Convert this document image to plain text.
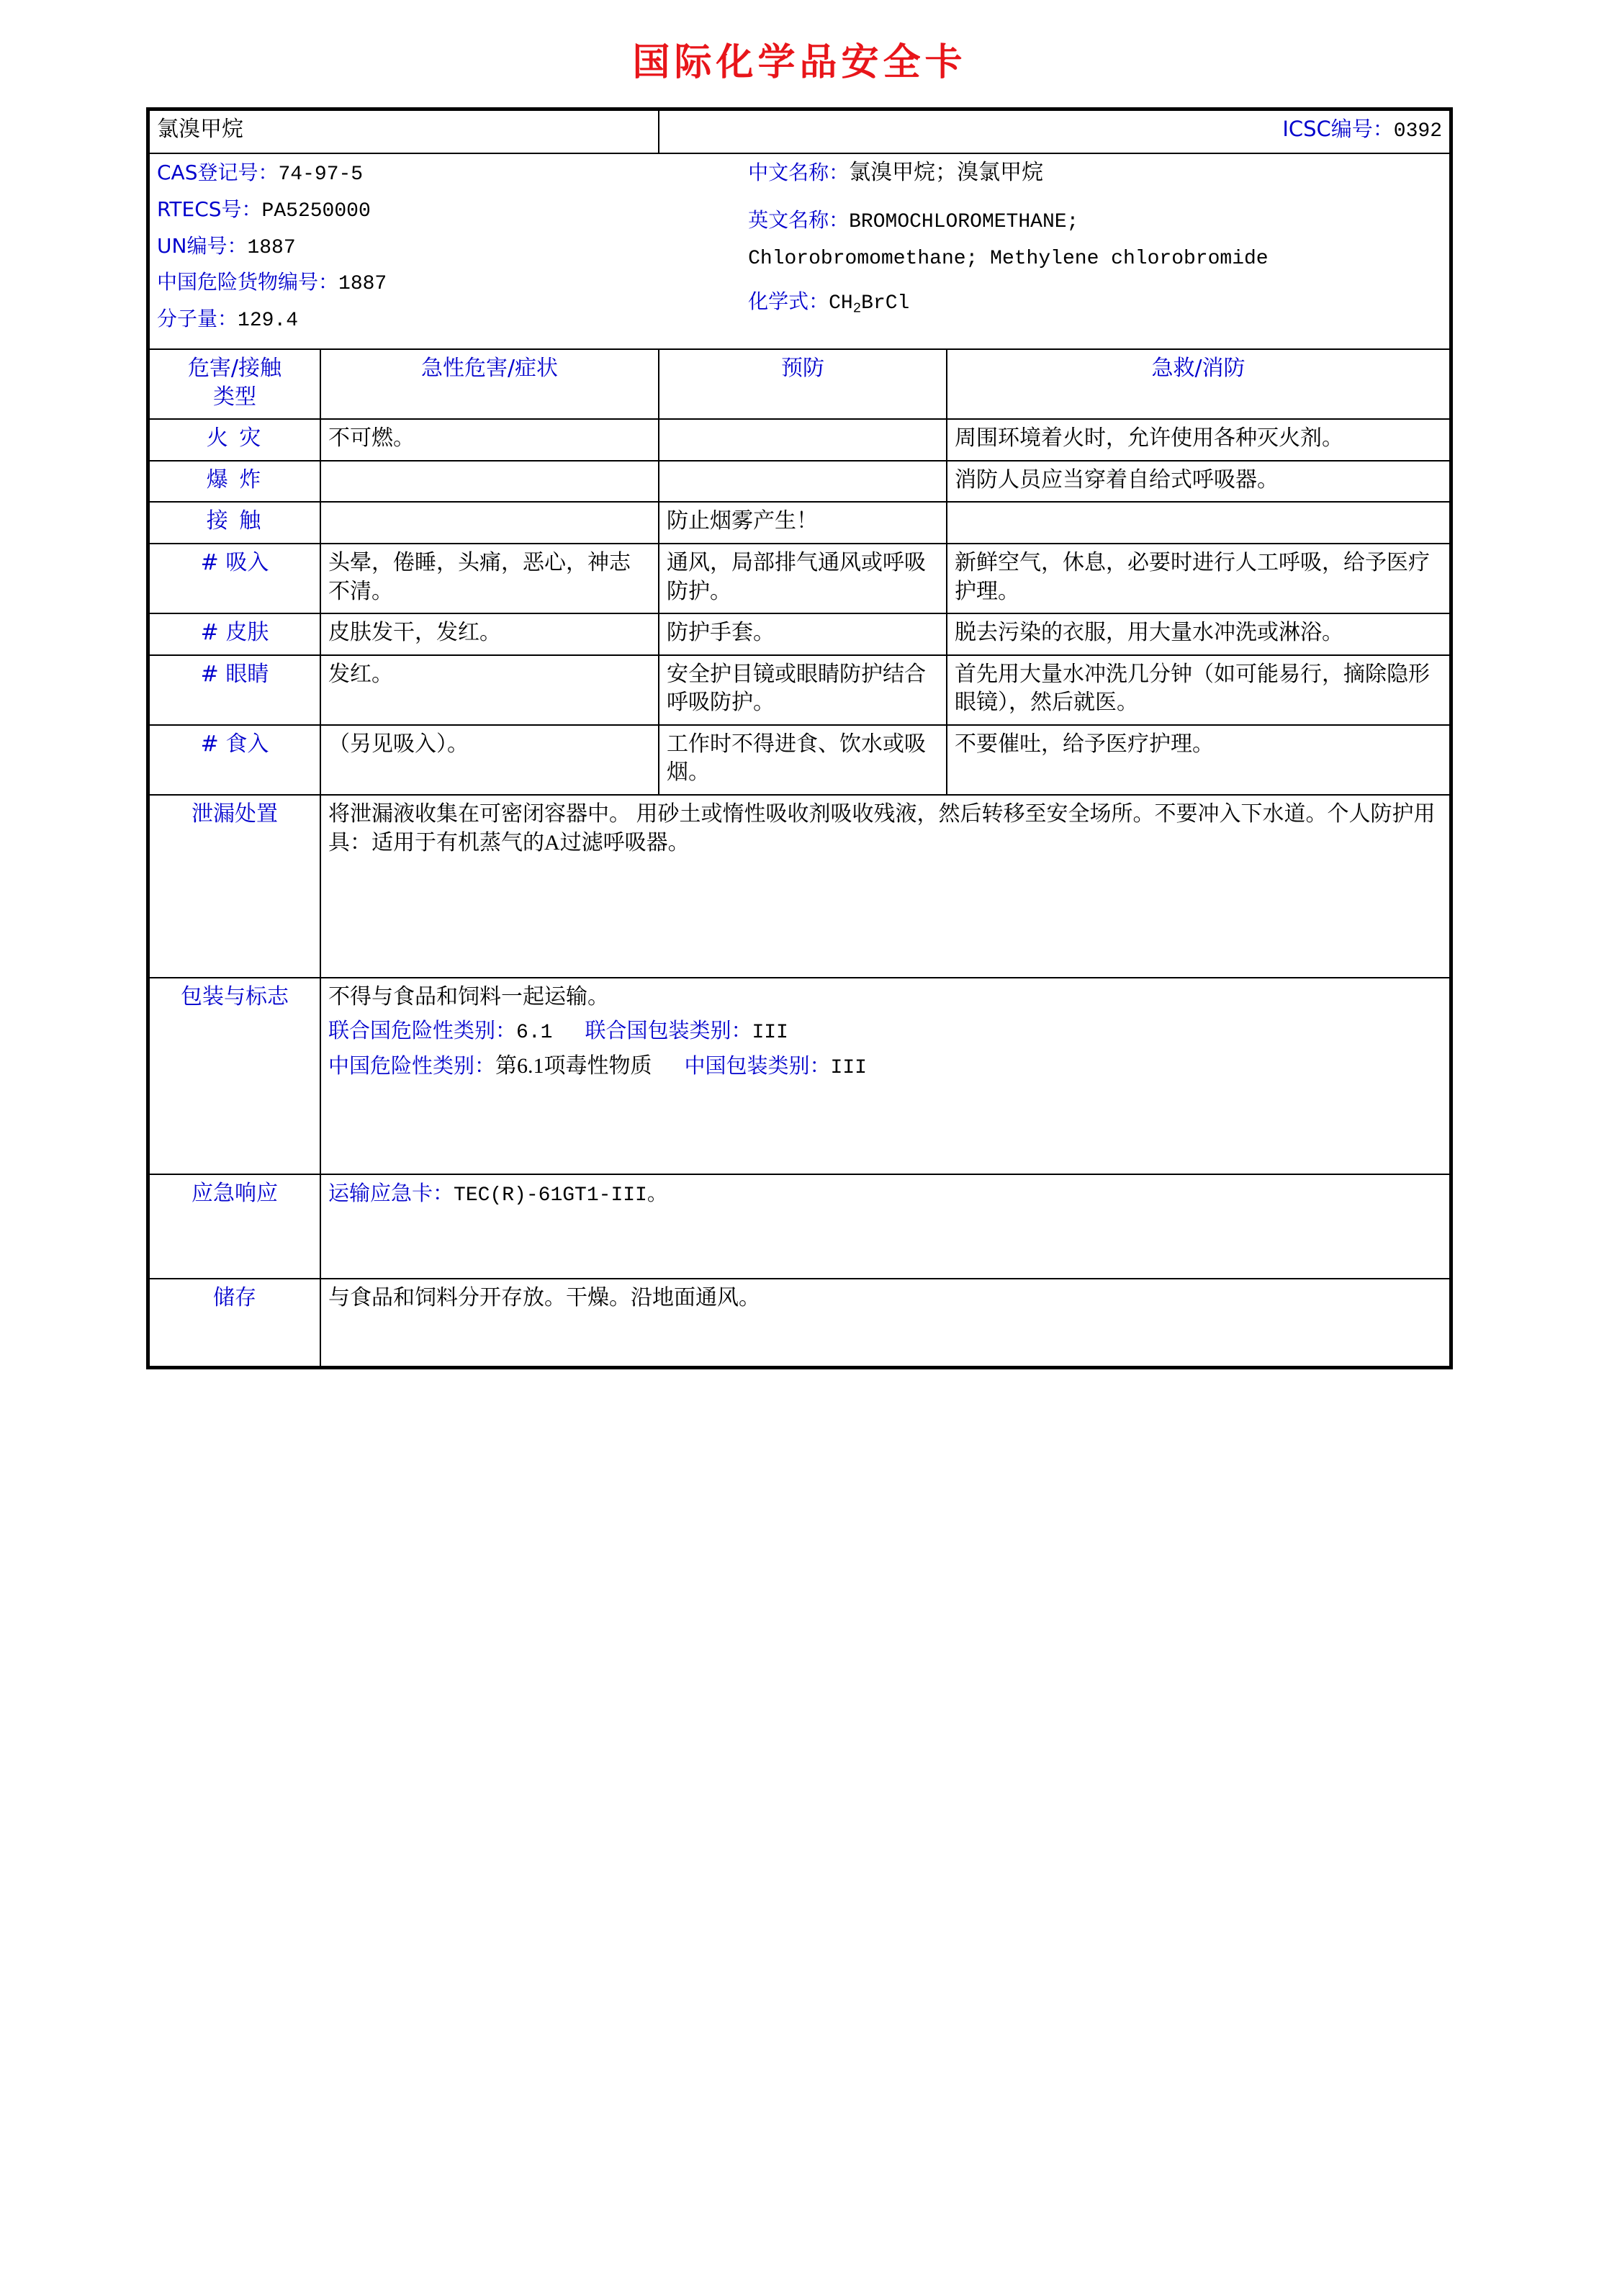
国际化学品安全卡
氯溴甲烷		ICSC编号：0392	

CAS登记号：74-97-5

RTECS号：PA5250000

UN编号：1887

中国危险货物编号：1887

分子量：129.4

中文名称：氯溴甲烷；溴氯甲烷

英文名称：BROMOCHLOROMETHANE;

Chlorobromomethane; Methylene chlorobromide

化学式：$CH_2BrCl$

危害/接触
类型	急性危害/症状	预防	急救/消防
火 灾	不可燃。		周围环境着火时，允许使用各种灭火剂。
爆 炸			消防人员应当穿着自给式呼吸器。
接 触		防止烟雾产生！	
# 吸入	头晕，倦睡，头痛，恶心，神志不清。	通风，局部排气通风或呼吸防护。	新鲜空气，休息，必要时进行人工呼吸，给予医疗护理。
# 皮肤	皮肤发干，发红。	防护手套。	脱去污染的衣服，用大量水冲洗或淋浴。
# 眼睛	发红。	安全护目镜或眼睛防护结合呼吸防护。	首先用大量水冲洗几分钟（如可能易行，摘除隐形眼镜），然后就医。
# 食入	（另见吸入）。	工作时不得进食、饮水或吸烟。	不要催吐，给予医疗护理。
泄漏处置	将泄漏液收集在可密闭容器中。 用砂土或惰性吸收剂吸收残液，然后转移至安全场所。不要冲入下水道。个人防护用具：适用于有机蒸气的A过滤呼吸器。		

包装与标志	不得与食品和饲料一起运输。

联合国危险性类别：6.1 联合国包装类别：III

中国危险性类别：第6.1项毒性物质 中国包装类别：III		

应急响应	运输应急卡：TEC(R)-61GT1-III。		

储存	与食品和饲料分开存放。干燥。沿地面通风。		
